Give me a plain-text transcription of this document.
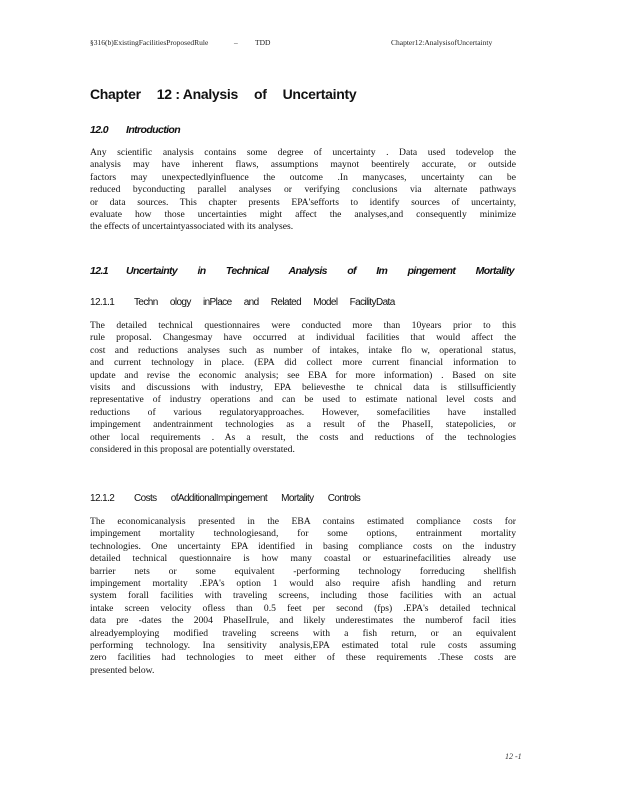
§316(b)ExistingFacilitiesProposedRule	– TDD	Chapter12:AnalysisofUncertainty
Chapter 12 : Analysis of Uncertainty
12.0 Introduction
Any scientific analysis contains some degree of uncertainty . Data used todevelop the
analysis may have inherent flaws, assumptions maynot beentirely accurate, or outside
factors may unexpectedlyinfluence the outcome .In manycases, uncertainty can be
reduced byconducting parallel analyses or verifying conclusions via alternate pathways
or data sources. This chapter presents EPA'sefforts to identify sources of uncertainty,
evaluate how those uncertainties might affect the analyses,and consequently minimize
the effects of uncertaintyassociated with its analyses.
12.1 Uncertainty in Technical Analysis of Im pingement Mortality
12.1.1 Techn ology inPlace and Related Model FacilityData
The detailed technical questionnaires were conducted more than 10years prior to this
rule proposal. Changesmay have occurred at individual facilities that would affect the
cost and reductions analyses such as number of intakes, intake flo w, operational status,
and current technology in place. (EPA did collect more current financial information to
update and revise the economic analysis; see EBA for more information) . Based on site
visits and discussions with industry, EPA believesthe te chnical data is stillsufficiently
representative of industry operations and can be used to estimate national level costs and
reductions of various regulatoryapproaches. However, somefacilities have installed
impingement andentrainment technologies as a result of the PhaseII, statepolicies, or
other local requirements . As a result, the costs and reductions of the technologies
considered in this proposal are potentially overstated.
12.1.2 Costs ofAdditionalImpingement Mortality Controls
The economicanalysis presented in the EBA contains estimated compliance costs for
impingement mortality technologiesand, for some options, entrainment mortality
technologies. One uncertainty EPA identified in basing compliance costs on the industry
detailed technical questionnaire is how many coastal or estuarinefacilities already use
barrier nets or some equivalent -performing technology forreducing shellfish
impingement mortality .EPA's option 1 would also require afish handling and return
system forall facilities with traveling screens, including those facilities with an actual
intake screen velocity ofless than 0.5 feet per second (fps) .EPA's detailed technical
data pre -dates the 2004 PhaseIIrule, and likely underestimates the numberof facil ities
alreadyemploying modified traveling screens with a fish return, or an equivalent
performing technology. Ina sensitivity analysis,EPA estimated total rule costs assuming
zero facilities had technologies to meet either of these requirements .These costs are
presented below.
12 -1
